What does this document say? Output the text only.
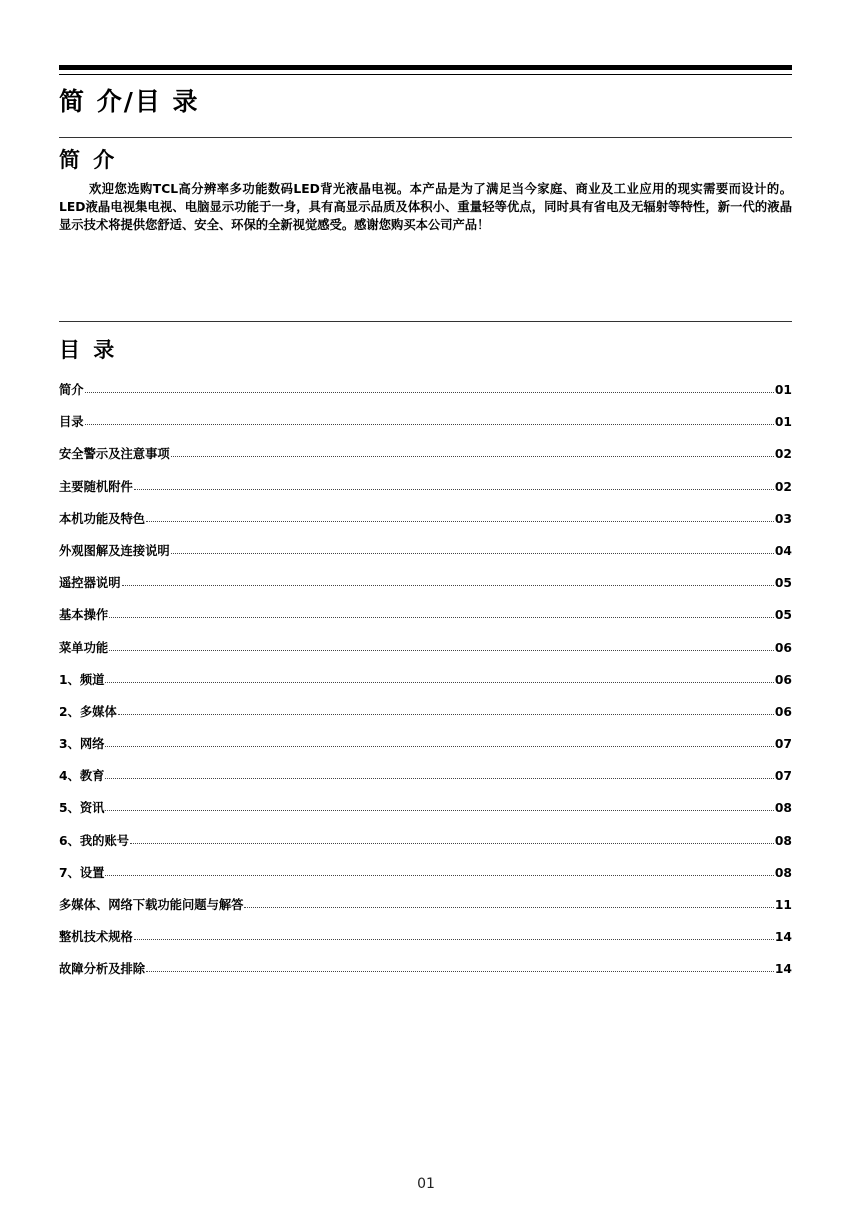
简 介/目 录
简 介

欢迎您选购TCL高分辨率多功能数码LED背光液晶电视。本产品是为了满足当今家庭、商业及工业应用的现实需要而设计的。LED液晶电视集电视、电脑显示功能于一身，具有高显示品质及体积小、重量轻等优点，同时具有省电及无辐射等特性，新一代的液晶显示技术将提供您舒适、安全、环保的全新视觉感受。感谢您购买本公司产品！

目 录
简介	01
目录	01
安全警示及注意事项	02
主要随机附件	02
本机功能及特色	03
外观图解及连接说明	04
遥控器说明	05
基本操作	05
菜单功能	06
1、频道	06
2、多媒体	06
3、网络	07
4、教育	07
5、资讯	08
6、我的账号	08
7、设置	08
多媒体、网络下载功能问题与解答	11
整机技术规格	14
故障分析及排除	14
01
